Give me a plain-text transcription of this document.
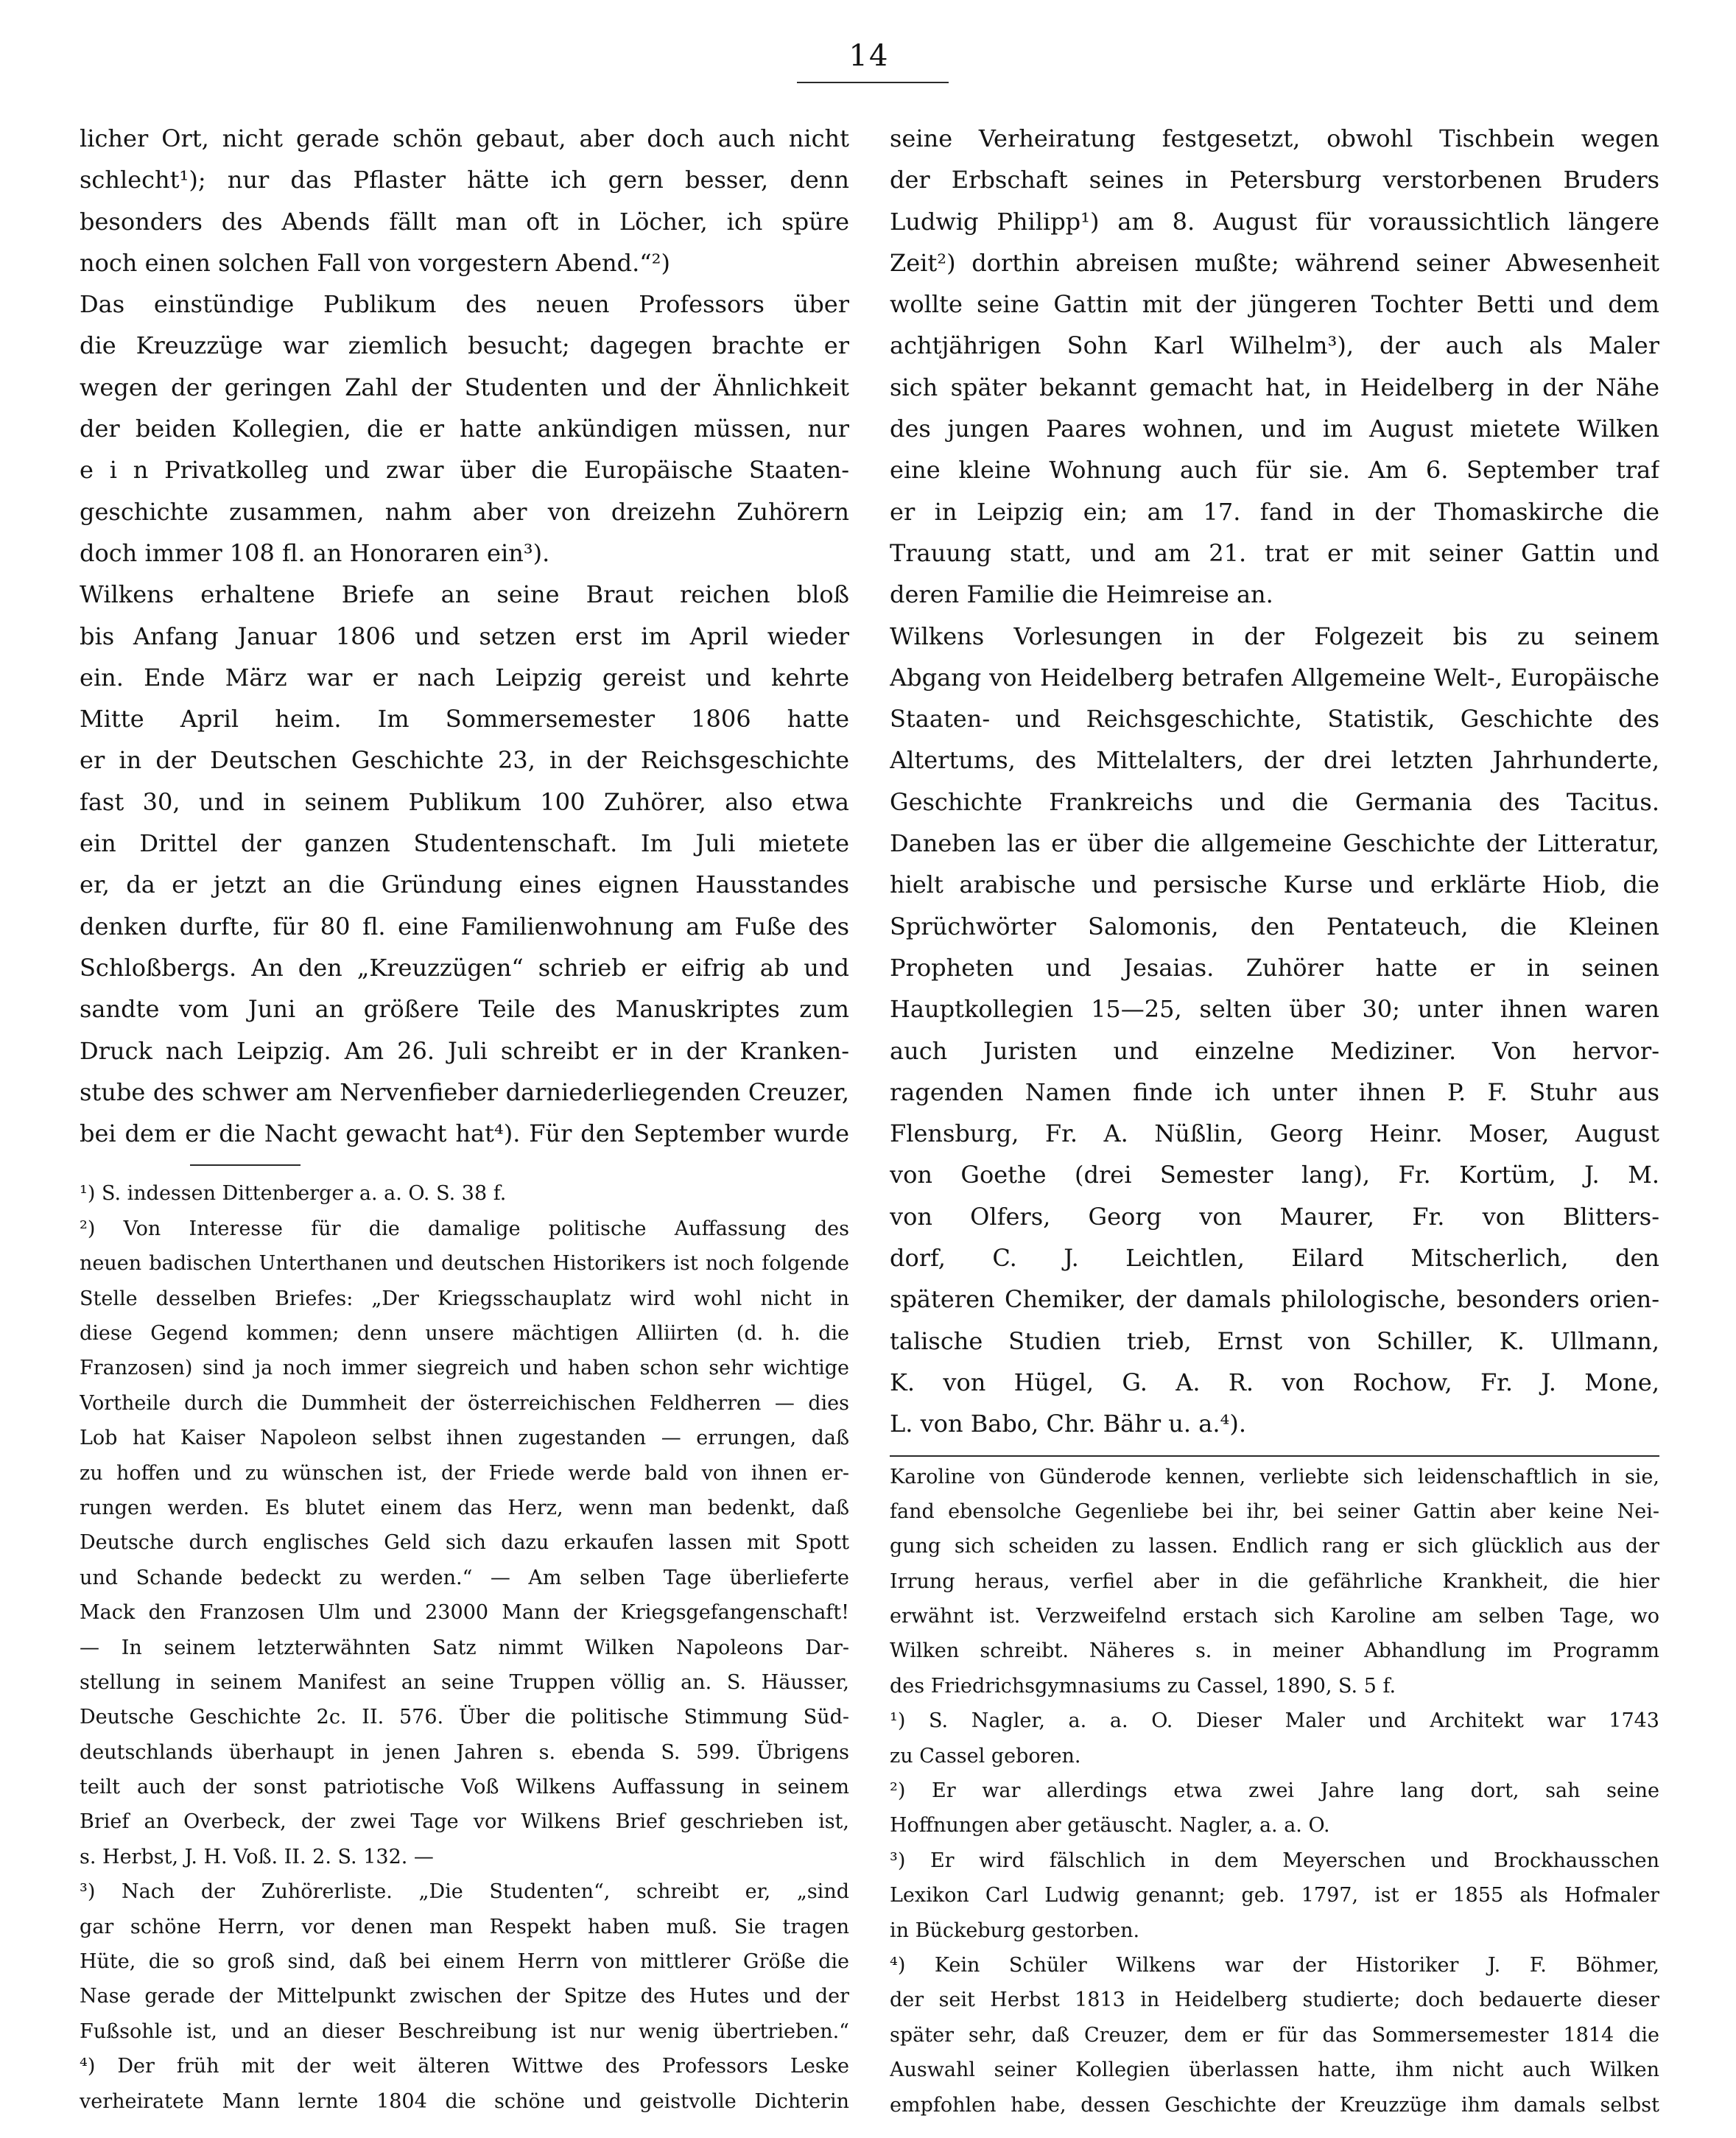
14
licher Ort, nicht gerade schön gebaut, aber doch auch nicht
schlecht¹); nur das Pflaster hätte ich gern besser, denn
besonders des Abends fällt man oft in Löcher, ich spüre
noch einen solchen Fall von vorgestern Abend.“²)
Das einstündige Publikum des neuen Professors über
die Kreuzzüge war ziemlich besucht; dagegen brachte er
wegen der geringen Zahl der Studenten und der Ähnlichkeit
der beiden Kollegien, die er hatte ankündigen müssen, nur
e i n Privatkolleg und zwar über die Europäische Staaten-
geschichte zusammen, nahm aber von dreizehn Zuhörern
doch immer 108 fl. an Honoraren ein³).
Wilkens erhaltene Briefe an seine Braut reichen bloß
bis Anfang Januar 1806 und setzen erst im April wieder
ein. Ende März war er nach Leipzig gereist und kehrte
Mitte April heim. Im Sommersemester 1806 hatte
er in der Deutschen Geschichte 23, in der Reichsgeschichte
fast 30, und in seinem Publikum 100 Zuhörer, also etwa
ein Drittel der ganzen Studentenschaft. Im Juli mietete
er, da er jetzt an die Gründung eines eignen Hausstandes
denken durfte, für 80 fl. eine Familienwohnung am Fuße des
Schloßbergs. An den „Kreuzzügen“ schrieb er eifrig ab und
sandte vom Juni an größere Teile des Manuskriptes zum
Druck nach Leipzig. Am 26. Juli schreibt er in der Kranken-
stube des schwer am Nervenfieber darniederliegenden Creuzer,
bei dem er die Nacht gewacht hat⁴). Für den September wurde
¹) S. indessen Dittenberger a. a. O. S. 38 f.
²) Von Interesse für die damalige politische Auffassung des
neuen badischen Unterthanen und deutschen Historikers ist noch folgende
Stelle desselben Briefes: „Der Kriegsschauplatz wird wohl nicht in
diese Gegend kommen; denn unsere mächtigen Alliirten (d. h. die
Franzosen) sind ja noch immer siegreich und haben schon sehr wichtige
Vortheile durch die Dummheit der österreichischen Feldherren — dies
Lob hat Kaiser Napoleon selbst ihnen zugestanden — errungen, daß
zu hoffen und zu wünschen ist, der Friede werde bald von ihnen er-
rungen werden. Es blutet einem das Herz, wenn man bedenkt, daß
Deutsche durch englisches Geld sich dazu erkaufen lassen mit Spott
und Schande bedeckt zu werden.“ — Am selben Tage überlieferte
Mack den Franzosen Ulm und 23000 Mann der Kriegsgefangenschaft!
— In seinem letzterwähnten Satz nimmt Wilken Napoleons Dar-
stellung in seinem Manifest an seine Truppen völlig an. S. Häusser,
Deutsche Geschichte 2c. II. 576. Über die politische Stimmung Süd-
deutschlands überhaupt in jenen Jahren s. ebenda S. 599. Übrigens
teilt auch der sonst patriotische Voß Wilkens Auffassung in seinem
Brief an Overbeck, der zwei Tage vor Wilkens Brief geschrieben ist,
s. Herbst, J. H. Voß. II. 2. S. 132. —
³) Nach der Zuhörerliste. „Die Studenten“, schreibt er, „sind
gar schöne Herrn, vor denen man Respekt haben muß. Sie tragen
Hüte, die so groß sind, daß bei einem Herrn von mittlerer Größe die
Nase gerade der Mittelpunkt zwischen der Spitze des Hutes und der
Fußsohle ist, und an dieser Beschreibung ist nur wenig übertrieben.“
⁴) Der früh mit der weit älteren Wittwe des Professors Leske
verheiratete Mann lernte 1804 die schöne und geistvolle Dichterin
seine Verheiratung festgesetzt, obwohl Tischbein wegen
der Erbschaft seines in Petersburg verstorbenen Bruders
Ludwig Philipp¹) am 8. August für voraussichtlich längere
Zeit²) dorthin abreisen mußte; während seiner Abwesenheit
wollte seine Gattin mit der jüngeren Tochter Betti und dem
achtjährigen Sohn Karl Wilhelm³), der auch als Maler
sich später bekannt gemacht hat, in Heidelberg in der Nähe
des jungen Paares wohnen, und im August mietete Wilken
eine kleine Wohnung auch für sie. Am 6. September traf
er in Leipzig ein; am 17. fand in der Thomaskirche die
Trauung statt, und am 21. trat er mit seiner Gattin und
deren Familie die Heimreise an.
Wilkens Vorlesungen in der Folgezeit bis zu seinem
Abgang von Heidelberg betrafen Allgemeine Welt-, Europäische
Staaten- und Reichsgeschichte, Statistik, Geschichte des
Altertums, des Mittelalters, der drei letzten Jahrhunderte,
Geschichte Frankreichs und die Germania des Tacitus.
Daneben las er über die allgemeine Geschichte der Litteratur,
hielt arabische und persische Kurse und erklärte Hiob, die
Sprüchwörter Salomonis, den Pentateuch, die Kleinen
Propheten und Jesaias. Zuhörer hatte er in seinen
Hauptkollegien 15—25, selten über 30; unter ihnen waren
auch Juristen und einzelne Mediziner. Von hervor-
ragenden Namen finde ich unter ihnen P. F. Stuhr aus
Flensburg, Fr. A. Nüßlin, Georg Heinr. Moser, August
von Goethe (drei Semester lang), Fr. Kortüm, J. M.
von Olfers, Georg von Maurer, Fr. von Blitters-
dorf, C. J. Leichtlen, Eilard Mitscherlich, den
späteren Chemiker, der damals philologische, besonders orien-
talische Studien trieb, Ernst von Schiller, K. Ullmann,
K. von Hügel, G. A. R. von Rochow, Fr. J. Mone,
L. von Babo, Chr. Bähr u. a.⁴).
Karoline von Günderode kennen, verliebte sich leidenschaftlich in sie,
fand ebensolche Gegenliebe bei ihr, bei seiner Gattin aber keine Nei-
gung sich scheiden zu lassen. Endlich rang er sich glücklich aus der
Irrung heraus, verfiel aber in die gefährliche Krankheit, die hier
erwähnt ist. Verzweifelnd erstach sich Karoline am selben Tage, wo
Wilken schreibt. Näheres s. in meiner Abhandlung im Programm
des Friedrichsgymnasiums zu Cassel, 1890, S. 5 f.
¹) S. Nagler, a. a. O. Dieser Maler und Architekt war 1743
zu Cassel geboren.
²) Er war allerdings etwa zwei Jahre lang dort, sah seine
Hoffnungen aber getäuscht. Nagler, a. a. O.
³) Er wird fälschlich in dem Meyerschen und Brockhausschen
Lexikon Carl Ludwig genannt; geb. 1797, ist er 1855 als Hofmaler
in Bückeburg gestorben.
⁴) Kein Schüler Wilkens war der Historiker J. F. Böhmer,
der seit Herbst 1813 in Heidelberg studierte; doch bedauerte dieser
später sehr, daß Creuzer, dem er für das Sommersemester 1814 die
Auswahl seiner Kollegien überlassen hatte, ihm nicht auch Wilken
empfohlen habe, dessen Geschichte der Kreuzzüge ihm damals selbst
